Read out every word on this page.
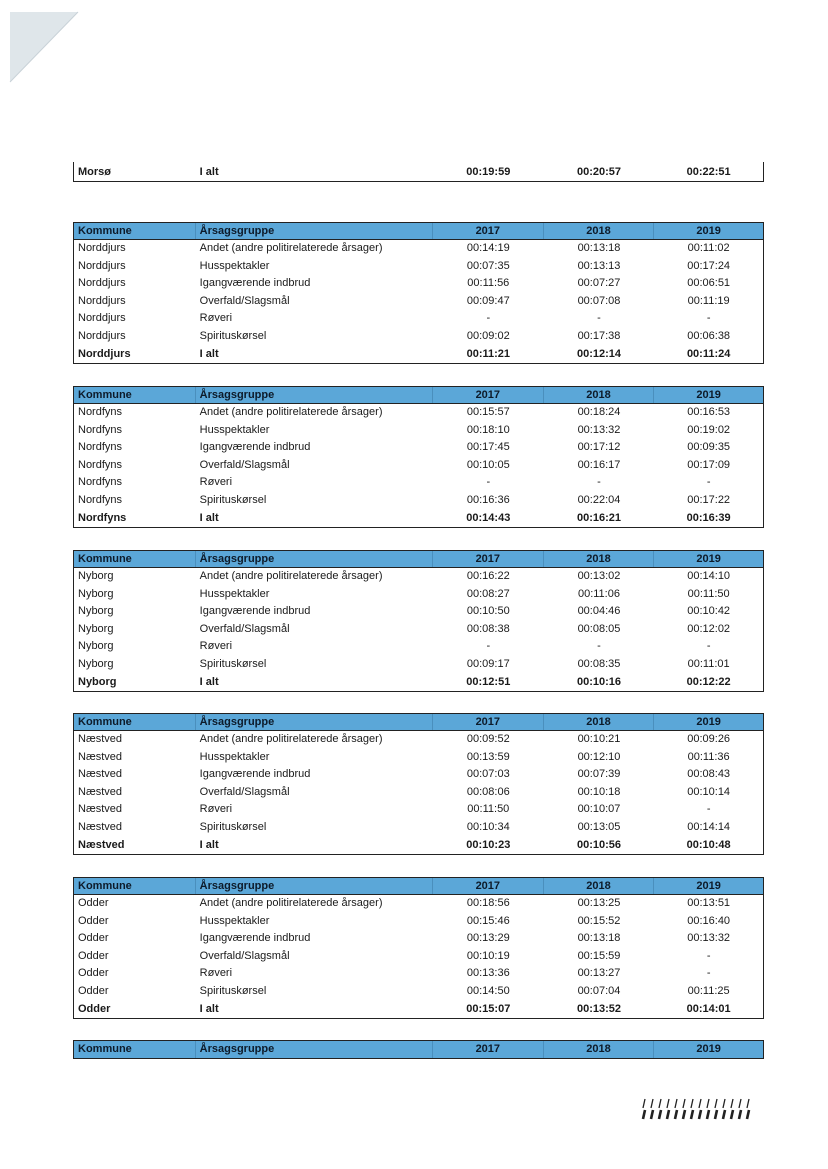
Morsø	I alt	00:19:59	00:20:57	00:22:51
Kommune	Årsagsgruppe	2017	2018	2019
Norddjurs	Andet (andre politirelaterede årsager)	00:14:19	00:13:18	00:11:02
Norddjurs	Husspektakler	00:07:35	00:13:13	00:17:24
Norddjurs	Igangværende indbrud	00:11:56	00:07:27	00:06:51
Norddjurs	Overfald/Slagsmål	00:09:47	00:07:08	00:11:19
Norddjurs	Røveri	-	-	-
Norddjurs	Spirituskørsel	00:09:02	00:17:38	00:06:38
Norddjurs	I alt	00:11:21	00:12:14	00:11:24
Kommune	Årsagsgruppe	2017	2018	2019
Nordfyns	Andet (andre politirelaterede årsager)	00:15:57	00:18:24	00:16:53
Nordfyns	Husspektakler	00:18:10	00:13:32	00:19:02
Nordfyns	Igangværende indbrud	00:17:45	00:17:12	00:09:35
Nordfyns	Overfald/Slagsmål	00:10:05	00:16:17	00:17:09
Nordfyns	Røveri	-	-	-
Nordfyns	Spirituskørsel	00:16:36	00:22:04	00:17:22
Nordfyns	I alt	00:14:43	00:16:21	00:16:39
Kommune	Årsagsgruppe	2017	2018	2019
Nyborg	Andet (andre politirelaterede årsager)	00:16:22	00:13:02	00:14:10
Nyborg	Husspektakler	00:08:27	00:11:06	00:11:50
Nyborg	Igangværende indbrud	00:10:50	00:04:46	00:10:42
Nyborg	Overfald/Slagsmål	00:08:38	00:08:05	00:12:02
Nyborg	Røveri	-	-	-
Nyborg	Spirituskørsel	00:09:17	00:08:35	00:11:01
Nyborg	I alt	00:12:51	00:10:16	00:12:22
Kommune	Årsagsgruppe	2017	2018	2019
Næstved	Andet (andre politirelaterede årsager)	00:09:52	00:10:21	00:09:26
Næstved	Husspektakler	00:13:59	00:12:10	00:11:36
Næstved	Igangværende indbrud	00:07:03	00:07:39	00:08:43
Næstved	Overfald/Slagsmål	00:08:06	00:10:18	00:10:14
Næstved	Røveri	00:11:50	00:10:07	-
Næstved	Spirituskørsel	00:10:34	00:13:05	00:14:14
Næstved	I alt	00:10:23	00:10:56	00:10:48
Kommune	Årsagsgruppe	2017	2018	2019
Odder	Andet (andre politirelaterede årsager)	00:18:56	00:13:25	00:13:51
Odder	Husspektakler	00:15:46	00:15:52	00:16:40
Odder	Igangværende indbrud	00:13:29	00:13:18	00:13:32
Odder	Overfald/Slagsmål	00:10:19	00:15:59	-
Odder	Røveri	00:13:36	00:13:27	-
Odder	Spirituskørsel	00:14:50	00:07:04	00:11:25
Odder	I alt	00:15:07	00:13:52	00:14:01
Kommune	Årsagsgruppe	2017	2018	2019
